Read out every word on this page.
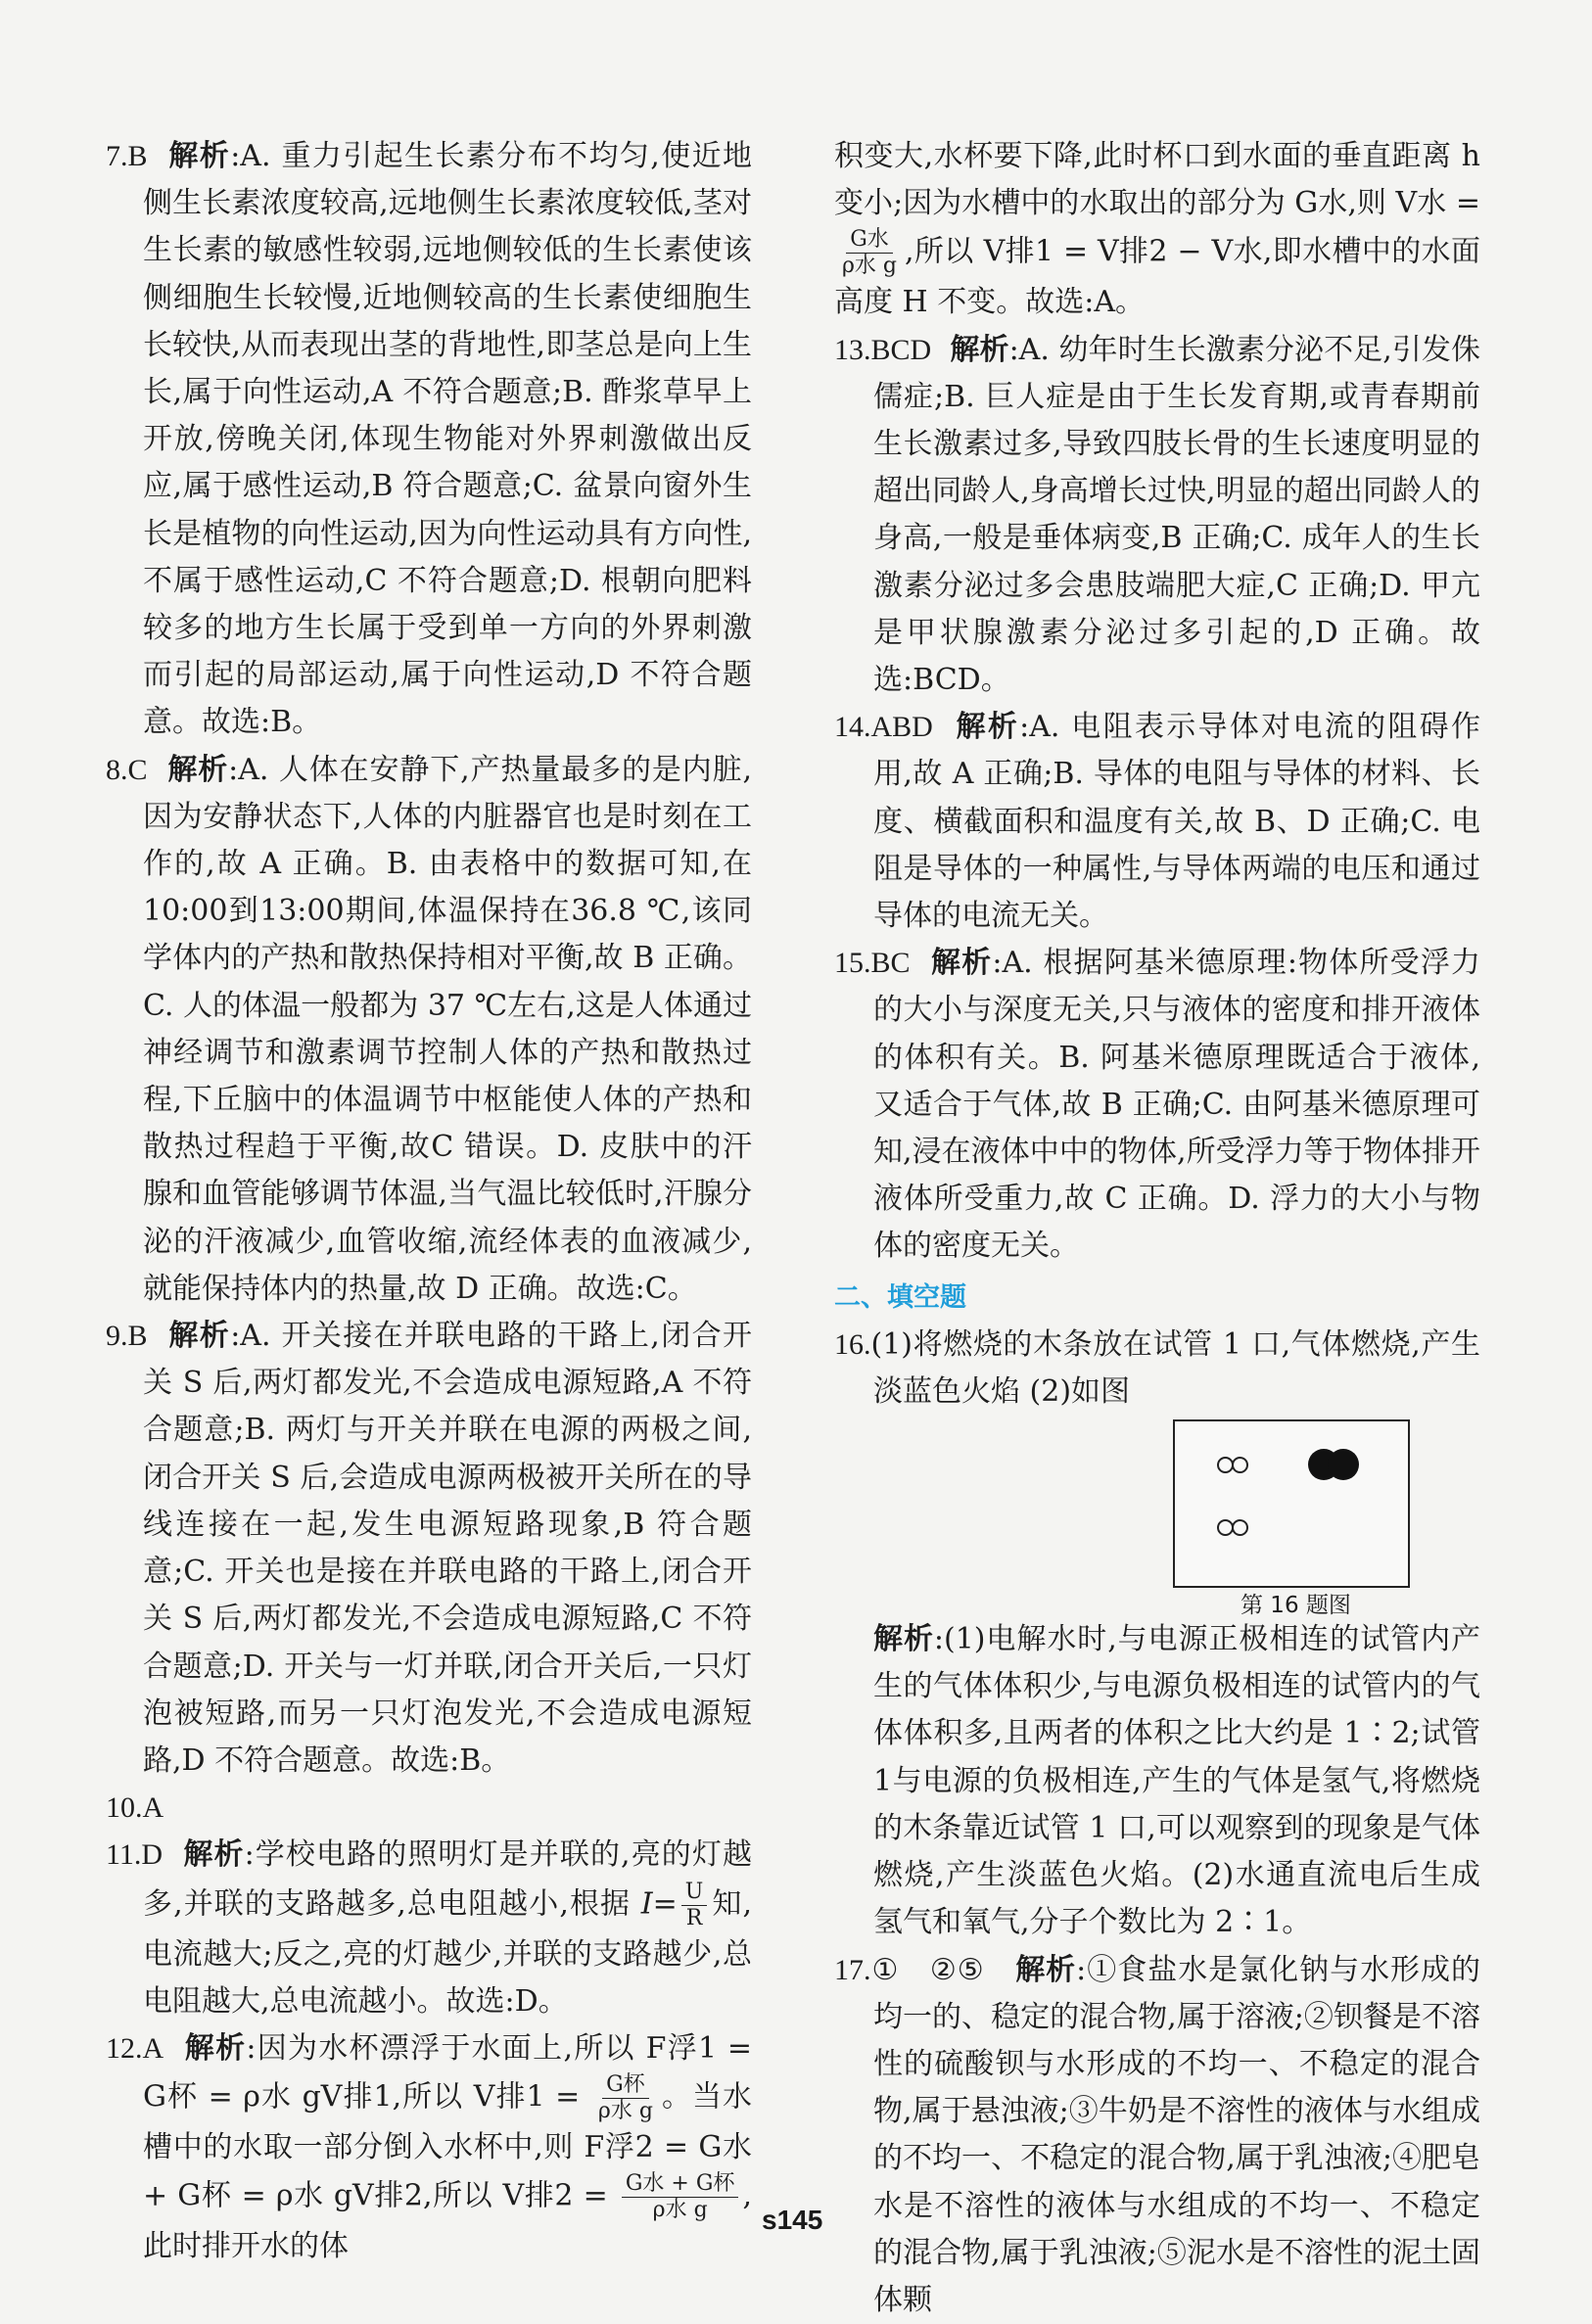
7.B 解析:A. 重力引起生长素分布不均匀,使近地侧生长素浓度较高,远地侧生长素浓度较低,茎对生长素的敏感性较弱,远地侧较低的生长素使该侧细胞生长较慢,近地侧较高的生长素使细胞生长较快,从而表现出茎的背地性,即茎总是向上生长,属于向性运动,A 不符合题意;B. 酢浆草早上开放,傍晚关闭,体现生物能对外界刺激做出反应,属于感性运动,B 符合题意;C. 盆景向窗外生长是植物的向性运动,因为向性运动具有方向性,不属于感性运动,C 不符合题意;D. 根朝向肥料较多的地方生长属于受到单一方向的外界刺激而引起的局部运动,属于向性运动,D 不符合题意。故选:B。

8.C 解析:A. 人体在安静下,产热量最多的是内脏,因为安静状态下,人体的内脏器官也是时刻在工作的,故 A 正确。B. 由表格中的数据可知,在 10:00到13:00期间,体温保持在36.8 ℃,该同学体内的产热和散热保持相对平衡,故 B 正确。C. 人的体温一般都为 37 ℃左右,这是人体通过神经调节和激素调节控制人体的产热和散热过程,下丘脑中的体温调节中枢能使人体的产热和散热过程趋于平衡,故C 错误。D. 皮肤中的汗腺和血管能够调节体温,当气温比较低时,汗腺分泌的汗液减少,血管收缩,流经体表的血液减少,就能保持体内的热量,故 D 正确。故选:C。

9.B 解析:A. 开关接在并联电路的干路上,闭合开关 S 后,两灯都发光,不会造成电源短路,A 不符合题意;B. 两灯与开关并联在电源的两极之间,闭合开关 S 后,会造成电源两极被开关所在的导线连接在一起,发生电源短路现象,B 符合题意;C. 开关也是接在并联电路的干路上,闭合开关 S 后,两灯都发光,不会造成电源短路,C 不符合题意;D. 开关与一灯并联,闭合开关后,一只灯泡被短路,而另一只灯泡发光,不会造成电源短路,D 不符合题意。故选:B。

10.A

11.D 解析:学校电路的照明灯是并联的,亮的灯越多,并联的支路越多,总电阻越小,根据 $I= \frac{U}{R}$ 知,电流越大;反之,亮的灯越少,并联的支路越少,总电阻越大,总电流越小。故选:D。

12.A 解析:因为水杯漂浮于水面上,所以 F浮1 = G杯 = ρ水 gV排1,所以 V排$1 = \frac{\text{G杯}}{\text{ρ水 g}}$ 。当水槽中的水取一部分倒入水杯中,则 F浮2 = G水 + G杯 = ρ水 gV排2,所以 V排$2 = \frac{\text{G水 + G杯}}{\text{ρ水 g}}$ ,此时排开水的体

积变大,水杯要下降,此时杯口到水面的垂直距离 h 变小;因为水槽中的水取出的部分为 G水,则 V水 =
$\frac{\text{G水}}{\text{ρ水 g}}$ ,所以 V排1 = V排2 − V水,即水槽中的水面高度 H 不变。故选:A。

13.BCD 解析:A. 幼年时生长激素分泌不足,引发侏儒症;B. 巨人症是由于生长发育期,或青春期前生长激素过多,导致四肢长骨的生长速度明显的超出同龄人,身高增长过快,明显的超出同龄人的身高,一般是垂体病变,B 正确;C. 成年人的生长激素分泌过多会患肢端肥大症,C 正确;D. 甲亢是甲状腺激素分泌过多引起的,D 正确。故选:BCD。

14.ABD 解析:A. 电阻表示导体对电流的阻碍作用,故 A 正确;B. 导体的电阻与导体的材料、长度、横截面积和温度有关,故 B、D 正确;C. 电阻是导体的一种属性,与导体两端的电压和通过导体的电流无关。

15.BC 解析:A. 根据阿基米德原理:物体所受浮力的大小与深度无关,只与液体的密度和排开液体的体积有关。B. 阿基米德原理既适合于液体,又适合于气体,故 B 正确;C. 由阿基米德原理可知,浸在液体中中的物体,所受浮力等于物体排开液体所受重力,故 C 正确。D. 浮力的大小与物体的密度无关。

二、填空题

16.(1)将燃烧的木条放在试管 1 口,气体燃烧,产生淡蓝色火焰 (2)如图

第 16 题图

解析:(1)电解水时,与电源正极相连的试管内产生的气体体积少,与电源负极相连的试管内的气体体积多,且两者的体积之比大约是 1∶2;试管 1与电源的负极相连,产生的气体是氢气,将燃烧的木条靠近试管 1 口,可以观察到的现象是气体燃烧,产生淡蓝色火焰。(2)水通直流电后生成氢气和氧气,分子个数比为 2∶1。

17.① ②⑤ 解析:①食盐水是氯化钠与水形成的均一的、稳定的混合物,属于溶液;②钡餐是不溶性的硫酸钡与水形成的不均一、不稳定的混合物,属于悬浊液;③牛奶是不溶性的液体与水组成的不均一、不稳定的混合物,属于乳浊液;④肥皂水是不溶性的液体与水组成的不均一、不稳定的混合物,属于乳浊液;⑤泥水是不溶性的泥土固体颗

s145
